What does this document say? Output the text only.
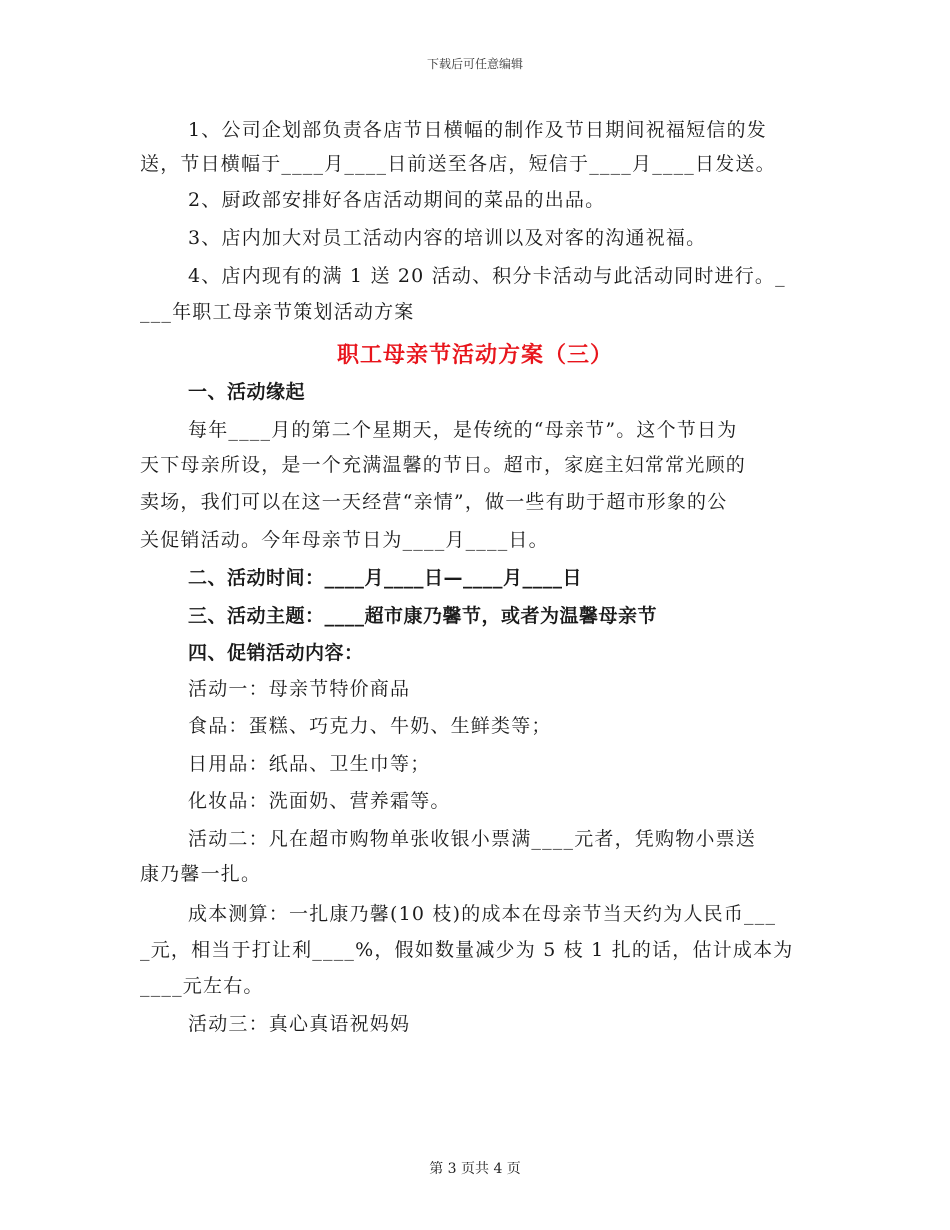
下载后可任意编辑
1、公司企划部负责各店节日横幅的制作及节日期间祝福短信的发
送，节日横幅于____月____日前送至各店，短信于____月____日发送。
2、厨政部安排好各店活动期间的菜品的出品。
3、店内加大对员工活动内容的培训以及对客的沟通祝福。
4、店内现有的满 1 送 20 活动、积分卡活动与此活动同时进行。_
___年职工母亲节策划活动方案
职工母亲节活动方案（三）
一、活动缘起
每年____月的第二个星期天，是传统的“母亲节”。这个节日为
天下母亲所设，是一个充满温馨的节日。超市，家庭主妇常常光顾的
卖场，我们可以在这一天经营“亲情”，做一些有助于超市形象的公
关促销活动。今年母亲节日为____月____日。
二、活动时间：____月____日—____月____日
三、活动主题：____超市康乃馨节，或者为温馨母亲节
四、促销活动内容：
活动一：母亲节特价商品
食品：蛋糕、巧克力、牛奶、生鲜类等；
日用品：纸品、卫生巾等；
化妆品：洗面奶、营养霜等。
活动二：凡在超市购物单张收银小票满____元者，凭购物小票送
康乃馨一扎。
成本测算：一扎康乃馨(10 枝)的成本在母亲节当天约为人民币___
_元，相当于打让利____%，假如数量减少为 5 枝 1 扎的话，估计成本为
____元左右。
活动三：真心真语祝妈妈
第 3 页共 4 页
